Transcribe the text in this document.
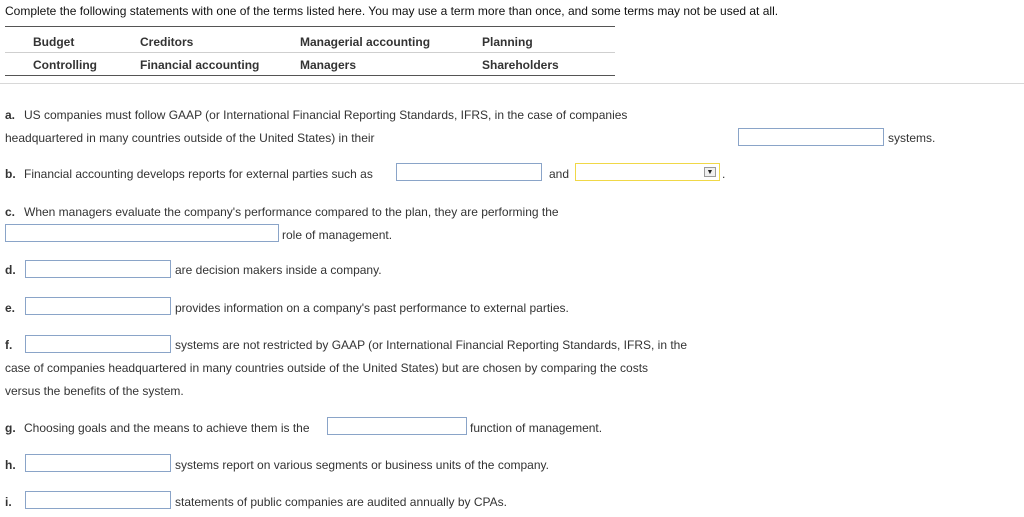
Complete the following statements with one of the terms listed here. You may use a term more than once, and some terms may not be used at all.
Budget	Creditors	Managerial accounting	Planning
Controlling	Financial accounting	Managers	Shareholders
a. US companies must follow GAAP (or International Financial Reporting Standards, IFRS, in the case of companies
headquartered in many countries outside of the United States) in their	systems.
b. Financial accounting develops reports for external parties such as	and	▼ .
c. When managers evaluate the company's performance compared to the plan, they are performing the
role of management.
d.	are decision makers inside a company.
e.	provides information on a company's past performance to external parties.
f.	systems are not restricted by GAAP (or International Financial Reporting Standards, IFRS, in the
case of companies headquartered in many countries outside of the United States) but are chosen by comparing the costs
versus the benefits of the system.
g. Choosing goals and the means to achieve them is the	function of management.
h.	systems report on various segments or business units of the company.
i.	statements of public companies are audited annually by CPAs.
